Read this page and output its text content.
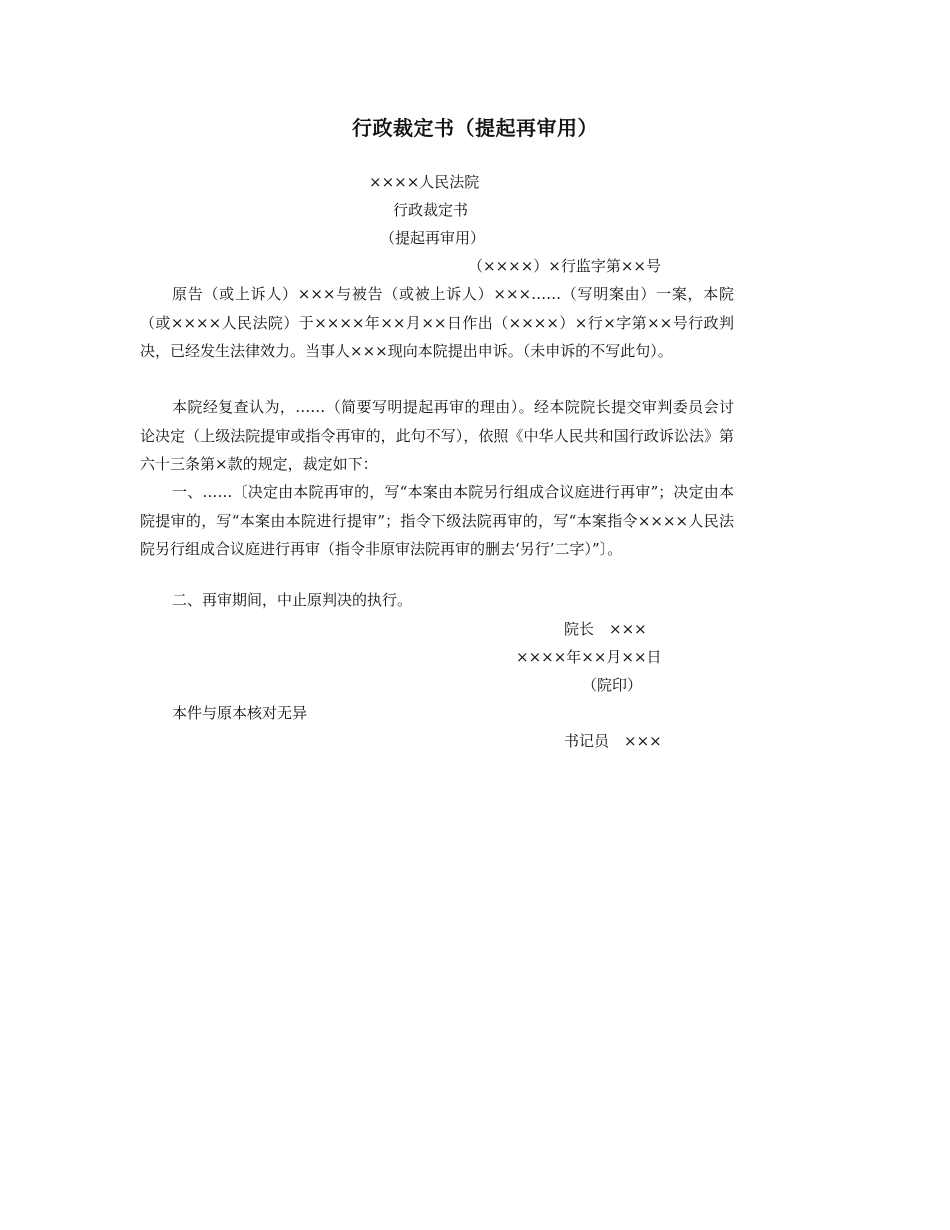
行政裁定书（提起再审用）
××××人民法院
行政裁定书
（提起再审用）
（××××）×行监字第××号
原告（或上诉人）×××与被告（或被上诉人）×××……（写明案由）一案，本院（或××××人民法院）于××××年××月××日作出（××××）×行×字第××号行政判决，已经发生法律效力。当事人×××现向本院提出申诉。（未申诉的不写此句）。
本院经复查认为，……（简要写明提起再审的理由）。经本院院长提交审判委员会讨论决定（上级法院提审或指令再审的，此句不写），依照《中华人民共和国行政诉讼法》第六十三条第×款的规定，裁定如下：
一、……〔决定由本院再审的，写“本案由本院另行组成合议庭进行再审”；决定由本院提审的，写“本案由本院进行提审”；指令下级法院再审的，写“本案指令××××人民法院另行组成合议庭进行再审（指令非原审法院再审的删去‘另行’二字）”〕。
二、再审期间，中止原判决的执行。
院长　×××
××××年××月××日
（院印）
本件与原本核对无异
书记员　×××
